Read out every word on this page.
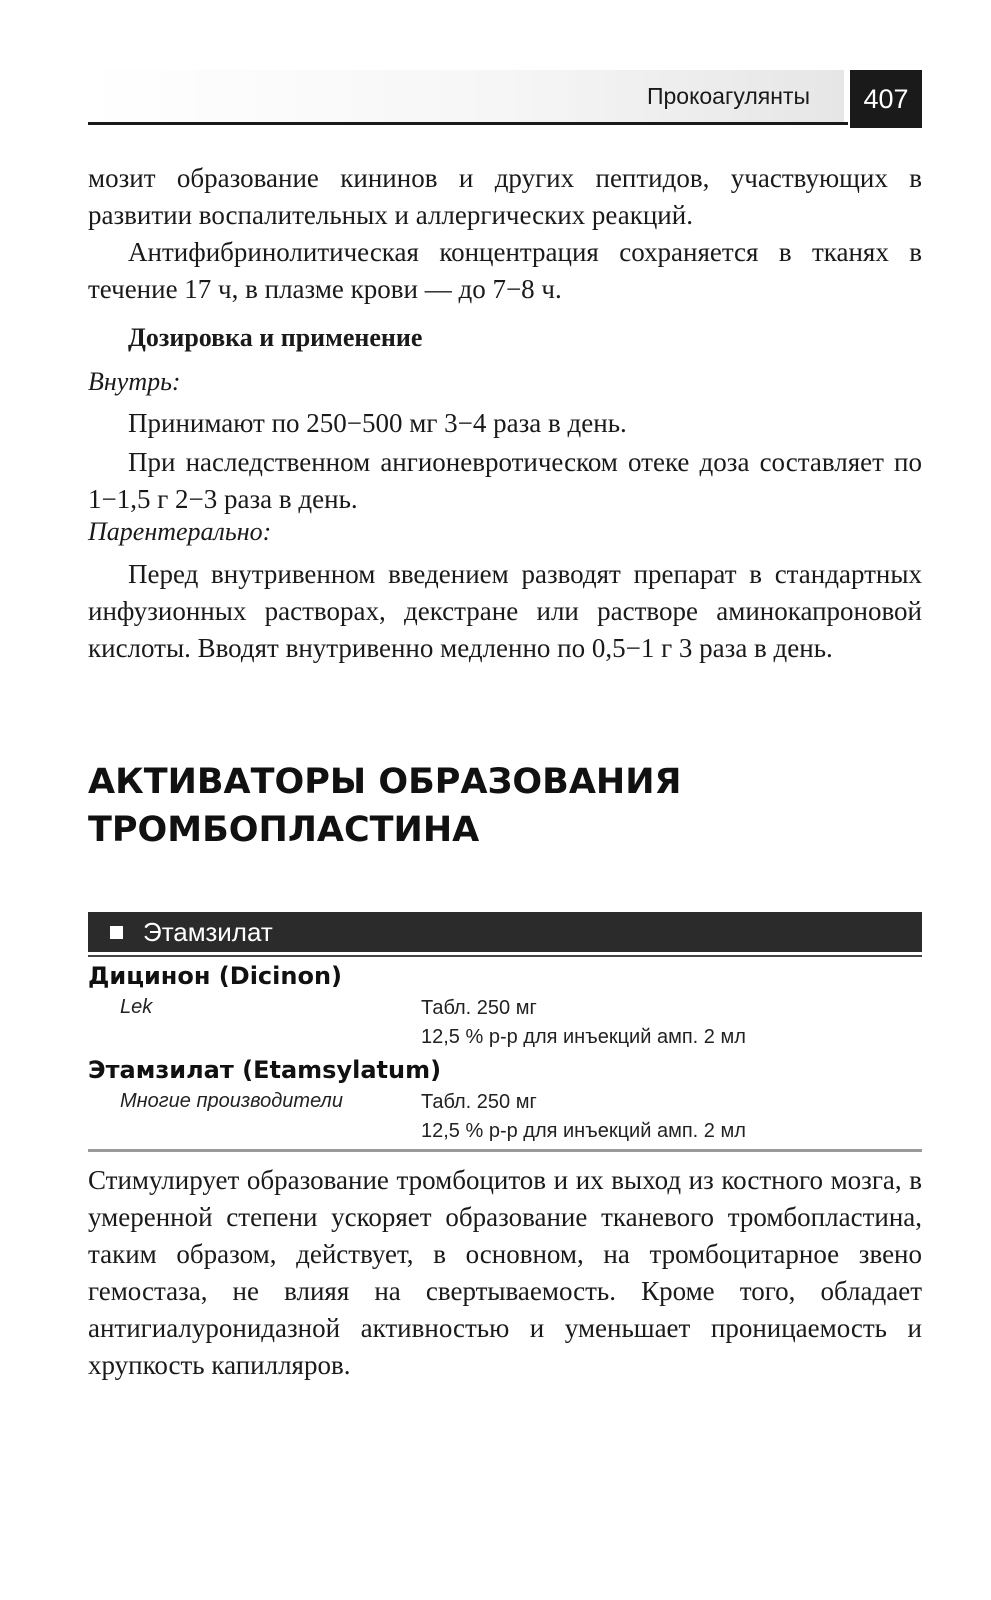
Прокоагулянты	407

мозит образование кининов и других пептидов, участвующих в развитии воспалительных и аллергических реакций.

Антифибринолитическая концентрация сохраняется в тканях в течение 17 ч, в плазме крови — до 7−8 ч.

Дозировка и применение

Внутрь:

Принимают по 250−500 мг 3−4 раза в день.

При наследственном ангионевротическом отеке доза составляет по 1−1,5 г 2−3 раза в день.

Парентерально:

Перед внутривенном введением разводят препарат в стандартных инфузионных растворах, декстране или растворе аминокапроновой кислоты. Вводят внутривенно медленно по 0,5−1 г 3 раза в день.

АКТИВАТОРЫ ОБРАЗОВАНИЯ
ТРОМБОПЛАСТИНА
Этамзилат

Дицинон (Dicinon)

Lek	Табл. 250 мг

12,5 % р-р для инъекций амп. 2 мл

Этамзилат (Etamsylatum)

Многие производители	Табл. 250 мг

12,5 % р-р для инъекций амп. 2 мл

Стимулирует образование тромбоцитов и их выход из костного мозга, в умеренной степени ускоряет образование тканевого тромбопластина, таким образом, действует, в основном, на тромбоцитарное звено гемостаза, не влияя на свертываемость. Кроме того, обладает антигиалуронидазной активностью и уменьшает проницаемость и хрупкость капилляров.
